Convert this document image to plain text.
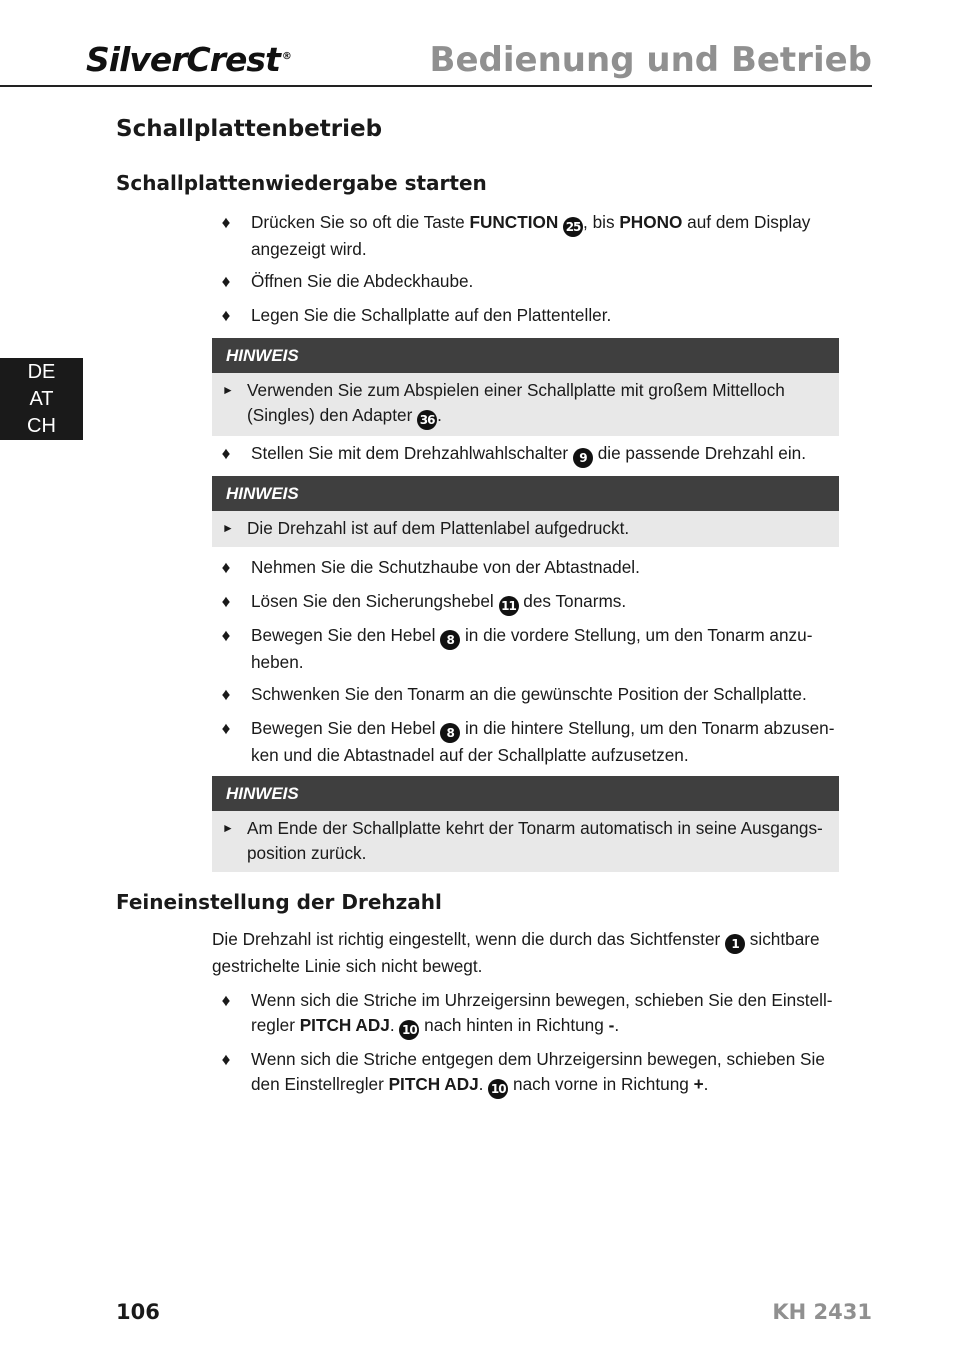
SilverCrest ®	Bedienung und Betrieb
DE
AT
CH
Schallplattenbetrieb
Schallplattenwiedergabe starten
♦ Drücken Sie so oft die Taste FUNCTION 25 , bis PHONO auf dem Display angezeigt wird.
♦ Öffnen Sie die Abdeckhaube.
♦ Legen Sie die Schallplatte auf den Plattenteller.
HINWEIS
► Verwenden Sie zum Abspielen einer Schallplatte mit großem Mittelloch (Singles) den Adapter 36 .
♦ Stellen Sie mit dem Drehzahlwahlschalter 9 die passende Drehzahl ein.
HINWEIS
► Die Drehzahl ist auf dem Plattenlabel aufgedruckt.
♦ Nehmen Sie die Schutzhaube von der Abtastnadel.
♦ Lösen Sie den Sicherungshebel 11 des Tonarms.
♦ Bewegen Sie den Hebel 8 in die vordere Stellung, um den Tonarm anzu-heben.
♦ Schwenken Sie den Tonarm an die gewünschte Position der Schallplatte.
♦ Bewegen Sie den Hebel 8 in die hintere Stellung, um den Tonarm abzusen-ken und die Abtastnadel auf der Schallplatte aufzusetzen.
HINWEIS
► Am Ende der Schallplatte kehrt der Tonarm automatisch in seine Ausgangs-position zurück.
Feineinstellung der Drehzahl
Die Drehzahl ist richtig eingestellt, wenn die durch das Sichtfenster 1 sichtbare gestrichelte Linie sich nicht bewegt.
♦ Wenn sich die Striche im Uhrzeigersinn bewegen, schieben Sie den Einstell-regler PITCH ADJ. 10 nach hinten in Richtung -.
♦ Wenn sich die Striche entgegen dem Uhrzeigersinn bewegen, schieben Sie den Einstellregler PITCH ADJ. 10 nach vorne in Richtung +.
106	KH 2431
